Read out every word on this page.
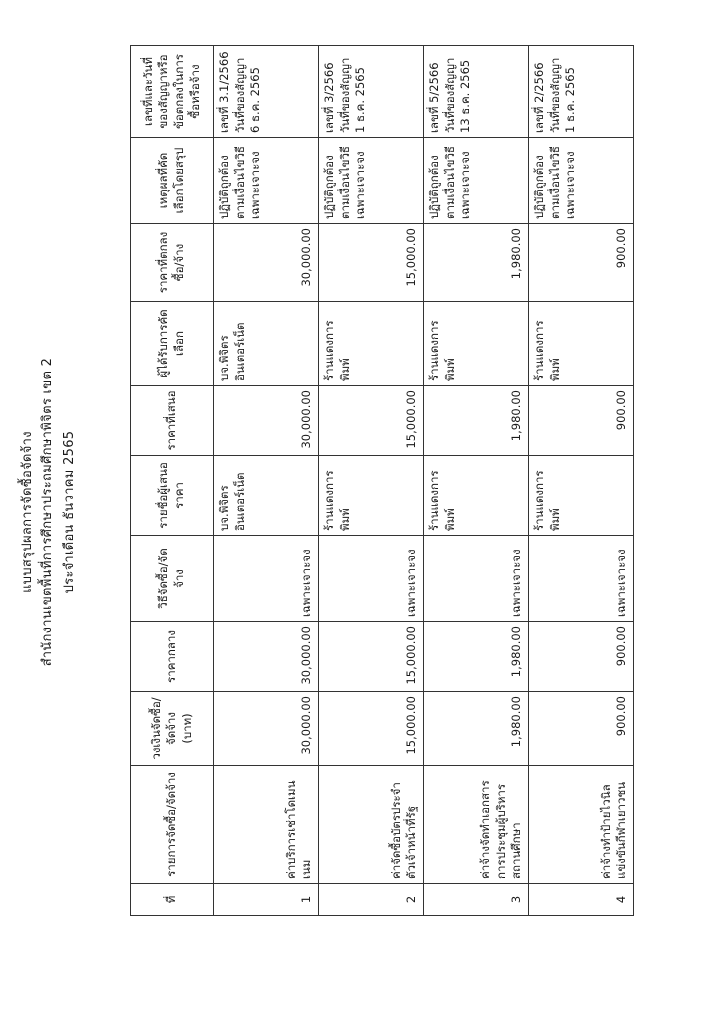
แบบสรุปผลการจัดซื้อจัดจ้าง สำนักงานเขตพื้นที่การศึกษาประถมศึกษาพิจิตร เขต 2 ประจำเดือน ธันวาคม 2565
ที่	รายการจัดซื้อ/จัดจ้าง	วงเงินจัดซื้อ/จัดจ้าง (บาท)	ราคากลาง	วิธีจัดซื้อ/จัดจ้าง	รายชื่อผู้เสนอราคา	ราคาที่เสนอ	ผู้ได้รับการคัดเลือก	ราคาที่ตกลงซื้อ/จ้าง	เหตุผลที่คัดเลือกโดยสรุป	เลขที่และวันที่ของสัญญาหรือข้อตกลงในการซื้อหรือจ้าง
1	ค่าบริการเช่าโดเมนเนม	30,000.00	30,000.00	เฉพาะเจาะจง	บจ.พิจิตรอินเตอร์เน็ต	30,000.00	บจ.พิจิตรอินเตอร์เน็ต	30,000.00	ปฏิบัติถูกต้องตามเงื่อนไขวิธีเฉพาะเจาะจง	เลขที่ 3.1/2566 วันที่ของสัญญา 6 ธ.ค. 2565
2	ค่าจัดซื้อบัตรประจำตัวเจ้าหน้าที่รัฐ	15,000.00	15,000.00	เฉพาะเจาะจง	ร้านแดงการพิมพ์	15,000.00	ร้านแดงการพิมพ์	15,000.00	ปฏิบัติถูกต้องตามเงื่อนไขวิธีเฉพาะเจาะจง	เลขที่ 3/2566 วันที่ของสัญญา 1 ธ.ค. 2565
3	ค่าจ้างจัดทำเอกสารการประชุมผู้บริหารสถานศึกษา	1,980.00	1,980.00	เฉพาะเจาะจง	ร้านแดงการพิมพ์	1,980.00	ร้านแดงการพิมพ์	1,980.00	ปฏิบัติถูกต้องตามเงื่อนไขวิธีเฉพาะเจาะจง	เลขที่ 5/2566 วันที่ของสัญญา 13 ธ.ค. 2565
4	ค่าจ้างทำป้ายไวนิลแข่งขันกีฬาเยาวชน	900.00	900.00	เฉพาะเจาะจง	ร้านแดงการพิมพ์	900.00	ร้านแดงการพิมพ์	900.00	ปฏิบัติถูกต้องตามเงื่อนไขวิธีเฉพาะเจาะจง	เลขที่ 2/2566 วันที่ของสัญญา 1 ธ.ค. 2565
